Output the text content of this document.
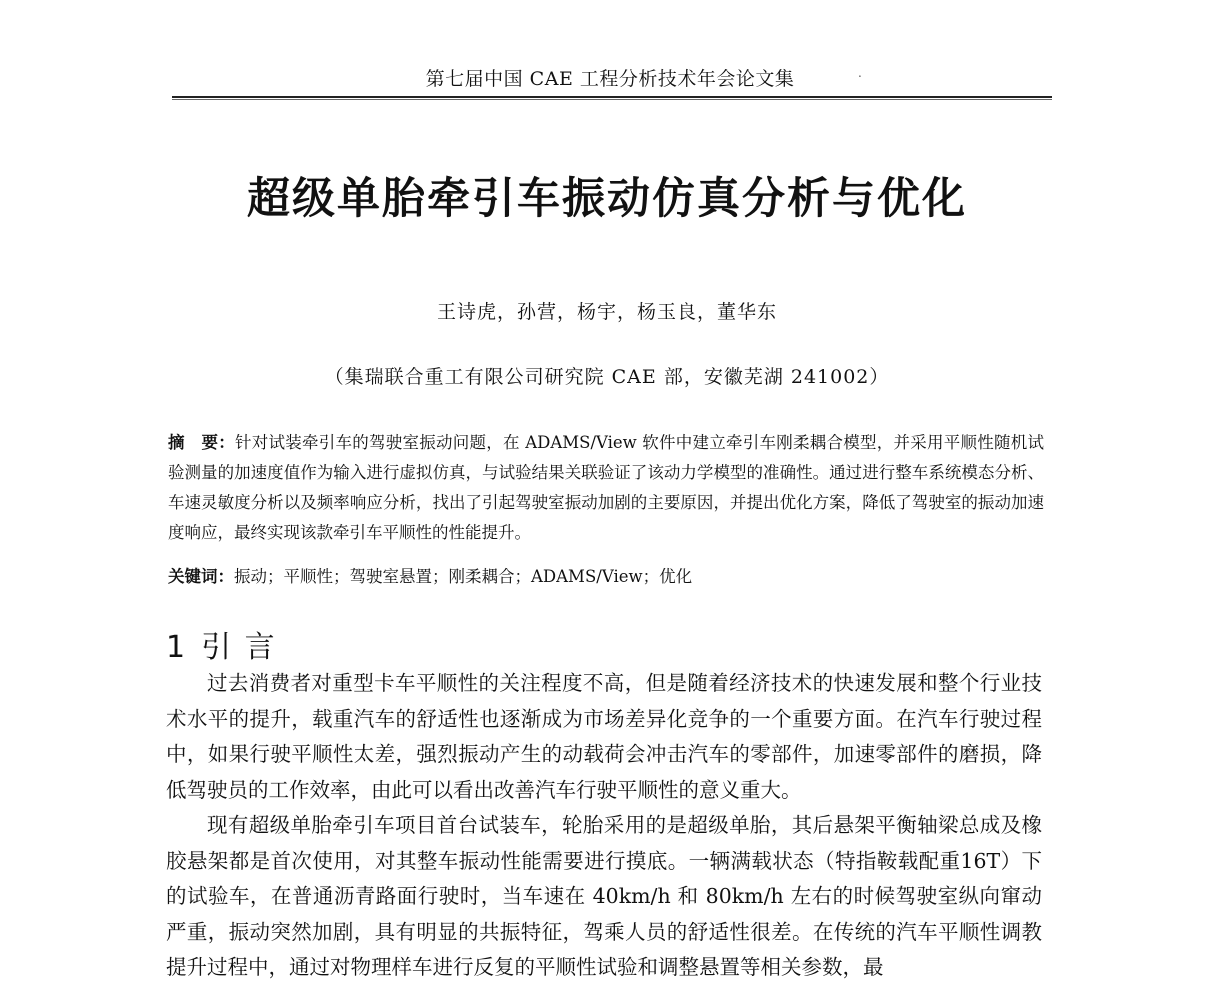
第七届中国 CAE 工程分析技术年会论文集	.
超级单胎牵引车振动仿真分析与优化
王诗虎，孙营，杨宇，杨玉良，董华东
（集瑞联合重工有限公司研究院 CAE 部，安徽芜湖 241002）
摘　要：针对试装牵引车的驾驶室振动问题，在 ADAMS/View 软件中建立牵引车刚柔耦合模型，并采用平顺性随机试验测量的加速度值作为输入进行虚拟仿真，与试验结果关联验证了该动力学模型的准确性。通过进行整车系统模态分析、车速灵敏度分析以及频率响应分析，找出了引起驾驶室振动加剧的主要原因，并提出优化方案，降低了驾驶室的振动加速度响应，最终实现该款牵引车平顺性的性能提升。
关键词：振动；平顺性；驾驶室悬置；刚柔耦合；ADAMS/View；优化
1 引 言

过去消费者对重型卡车平顺性的关注程度不高，但是随着经济技术的快速发展和整个行业技术水平的提升，载重汽车的舒适性也逐渐成为市场差异化竞争的一个重要方面。在汽车行驶过程中，如果行驶平顺性太差，强烈振动产生的动载荷会冲击汽车的零部件，加速零部件的磨损，降低驾驶员的工作效率，由此可以看出改善汽车行驶平顺性的意义重大。

现有超级单胎牵引车项目首台试装车，轮胎采用的是超级单胎，其后悬架平衡轴梁总成及橡胶悬架都是首次使用，对其整车振动性能需要进行摸底。一辆满载状态（特指鞍载配重16T）下的试验车，在普通沥青路面行驶时，当车速在 40km/h 和 80km/h 左右的时候驾驶室纵向窜动严重，振动突然加剧，具有明显的共振特征，驾乘人员的舒适性很差。在传统的汽车平顺性调教提升过程中，通过对物理样车进行反复的平顺性试验和调整悬置等相关参数，最
